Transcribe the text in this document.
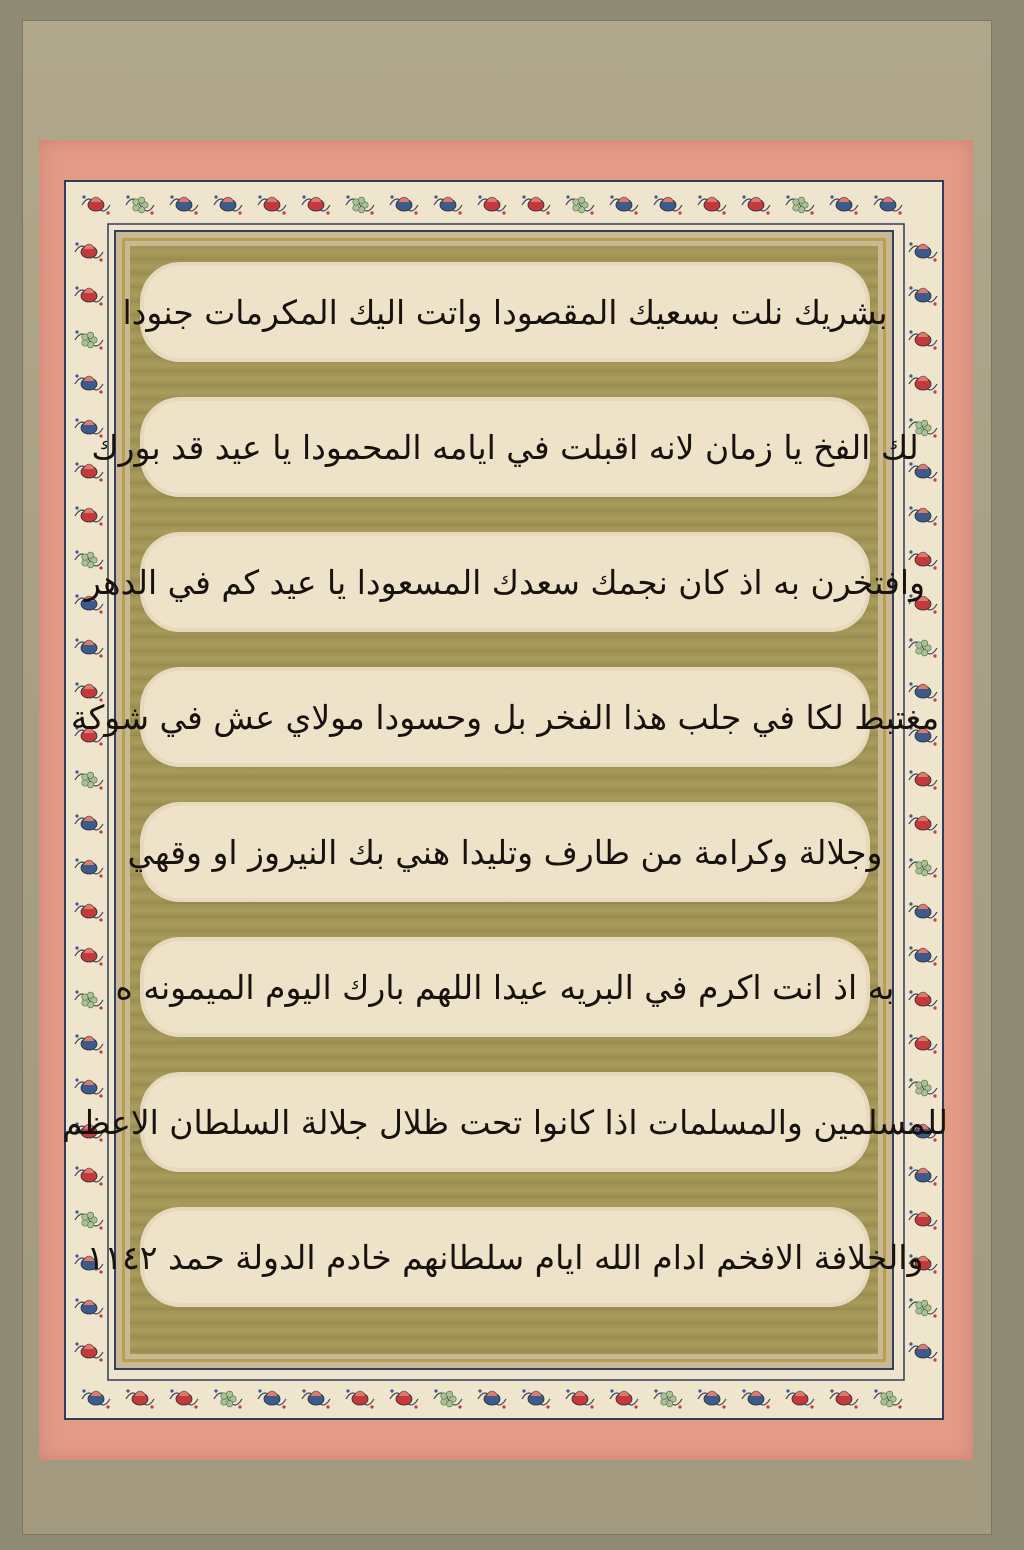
بشريك نلت بسعيك المقصودا واتت اليك المكرمات جنودا
لك الفخ يا زمان لانه اقبلت في ايامه المحمودا يا عيد قد بورك
وافتخرن به اذ كان نجمك سعدك المسعودا يا عيد كم في الدهر
مغتبط لكا في جلب هذا الفخر بل وحسودا مولاي عش في شوكة
وجلالة وكرامة من طارف وتليدا هني بك النيروز او وقهي
به اذ انت اكرم في البريه عيدا اللهم بارك اليوم الميمونه ه
للمسلمين والمسلمات اذا كانوا تحت ظلال جلالة السلطان الاعظم
والخلافة الافخم ادام الله ايام سلطانهم خادم الدولة حمد ١١٤٢
